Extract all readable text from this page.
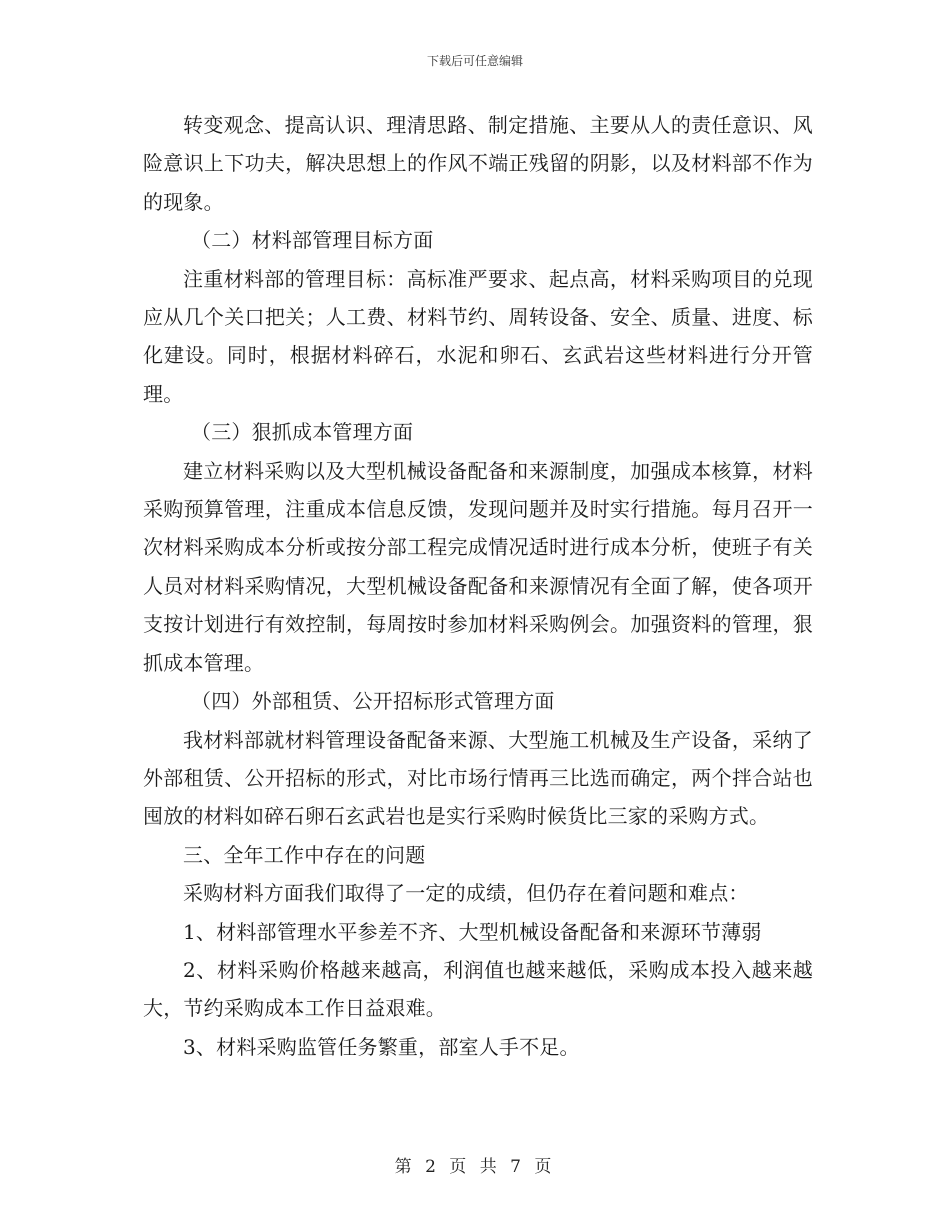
下载后可任意编辑

转变观念、提高认识、理清思路、制定措施、主要从人的责任意识、风险意识上下功夫，解决思想上的作风不端正残留的阴影，以及材料部不作为的现象。

（二）材料部管理目标方面

注重材料部的管理目标：高标准严要求、起点高，材料采购项目的兑现应从几个关口把关；人工费、材料节约、周转设备、安全、质量、进度、标化建设。同时，根据材料碎石，水泥和卵石、玄武岩这些材料进行分开管理。

（三）狠抓成本管理方面

建立材料采购以及大型机械设备配备和来源制度，加强成本核算，材料采购预算管理，注重成本信息反馈，发现问题并及时实行措施。每月召开一次材料采购成本分析或按分部工程完成情况适时进行成本分析，使班子有关人员对材料采购情况，大型机械设备配备和来源情况有全面了解，使各项开支按计划进行有效控制，每周按时参加材料采购例会。加强资料的管理，狠抓成本管理。

（四）外部租赁、公开招标形式管理方面

我材料部就材料管理设备配备来源、大型施工机械及生产设备，采纳了外部租赁、公开招标的形式，对比市场行情再三比选而确定，两个拌合站也囤放的材料如碎石卵石玄武岩也是实行采购时候货比三家的采购方式。

三、全年工作中存在的问题

采购材料方面我们取得了一定的成绩，但仍存在着问题和难点：

1、材料部管理水平参差不齐、大型机械设备配备和来源环节薄弱

2、材料采购价格越来越高，利润值也越来越低，采购成本投入越来越大，节约采购成本工作日益艰难。

3、材料采购监管任务繁重，部室人手不足。

第 2 页 共 7 页
